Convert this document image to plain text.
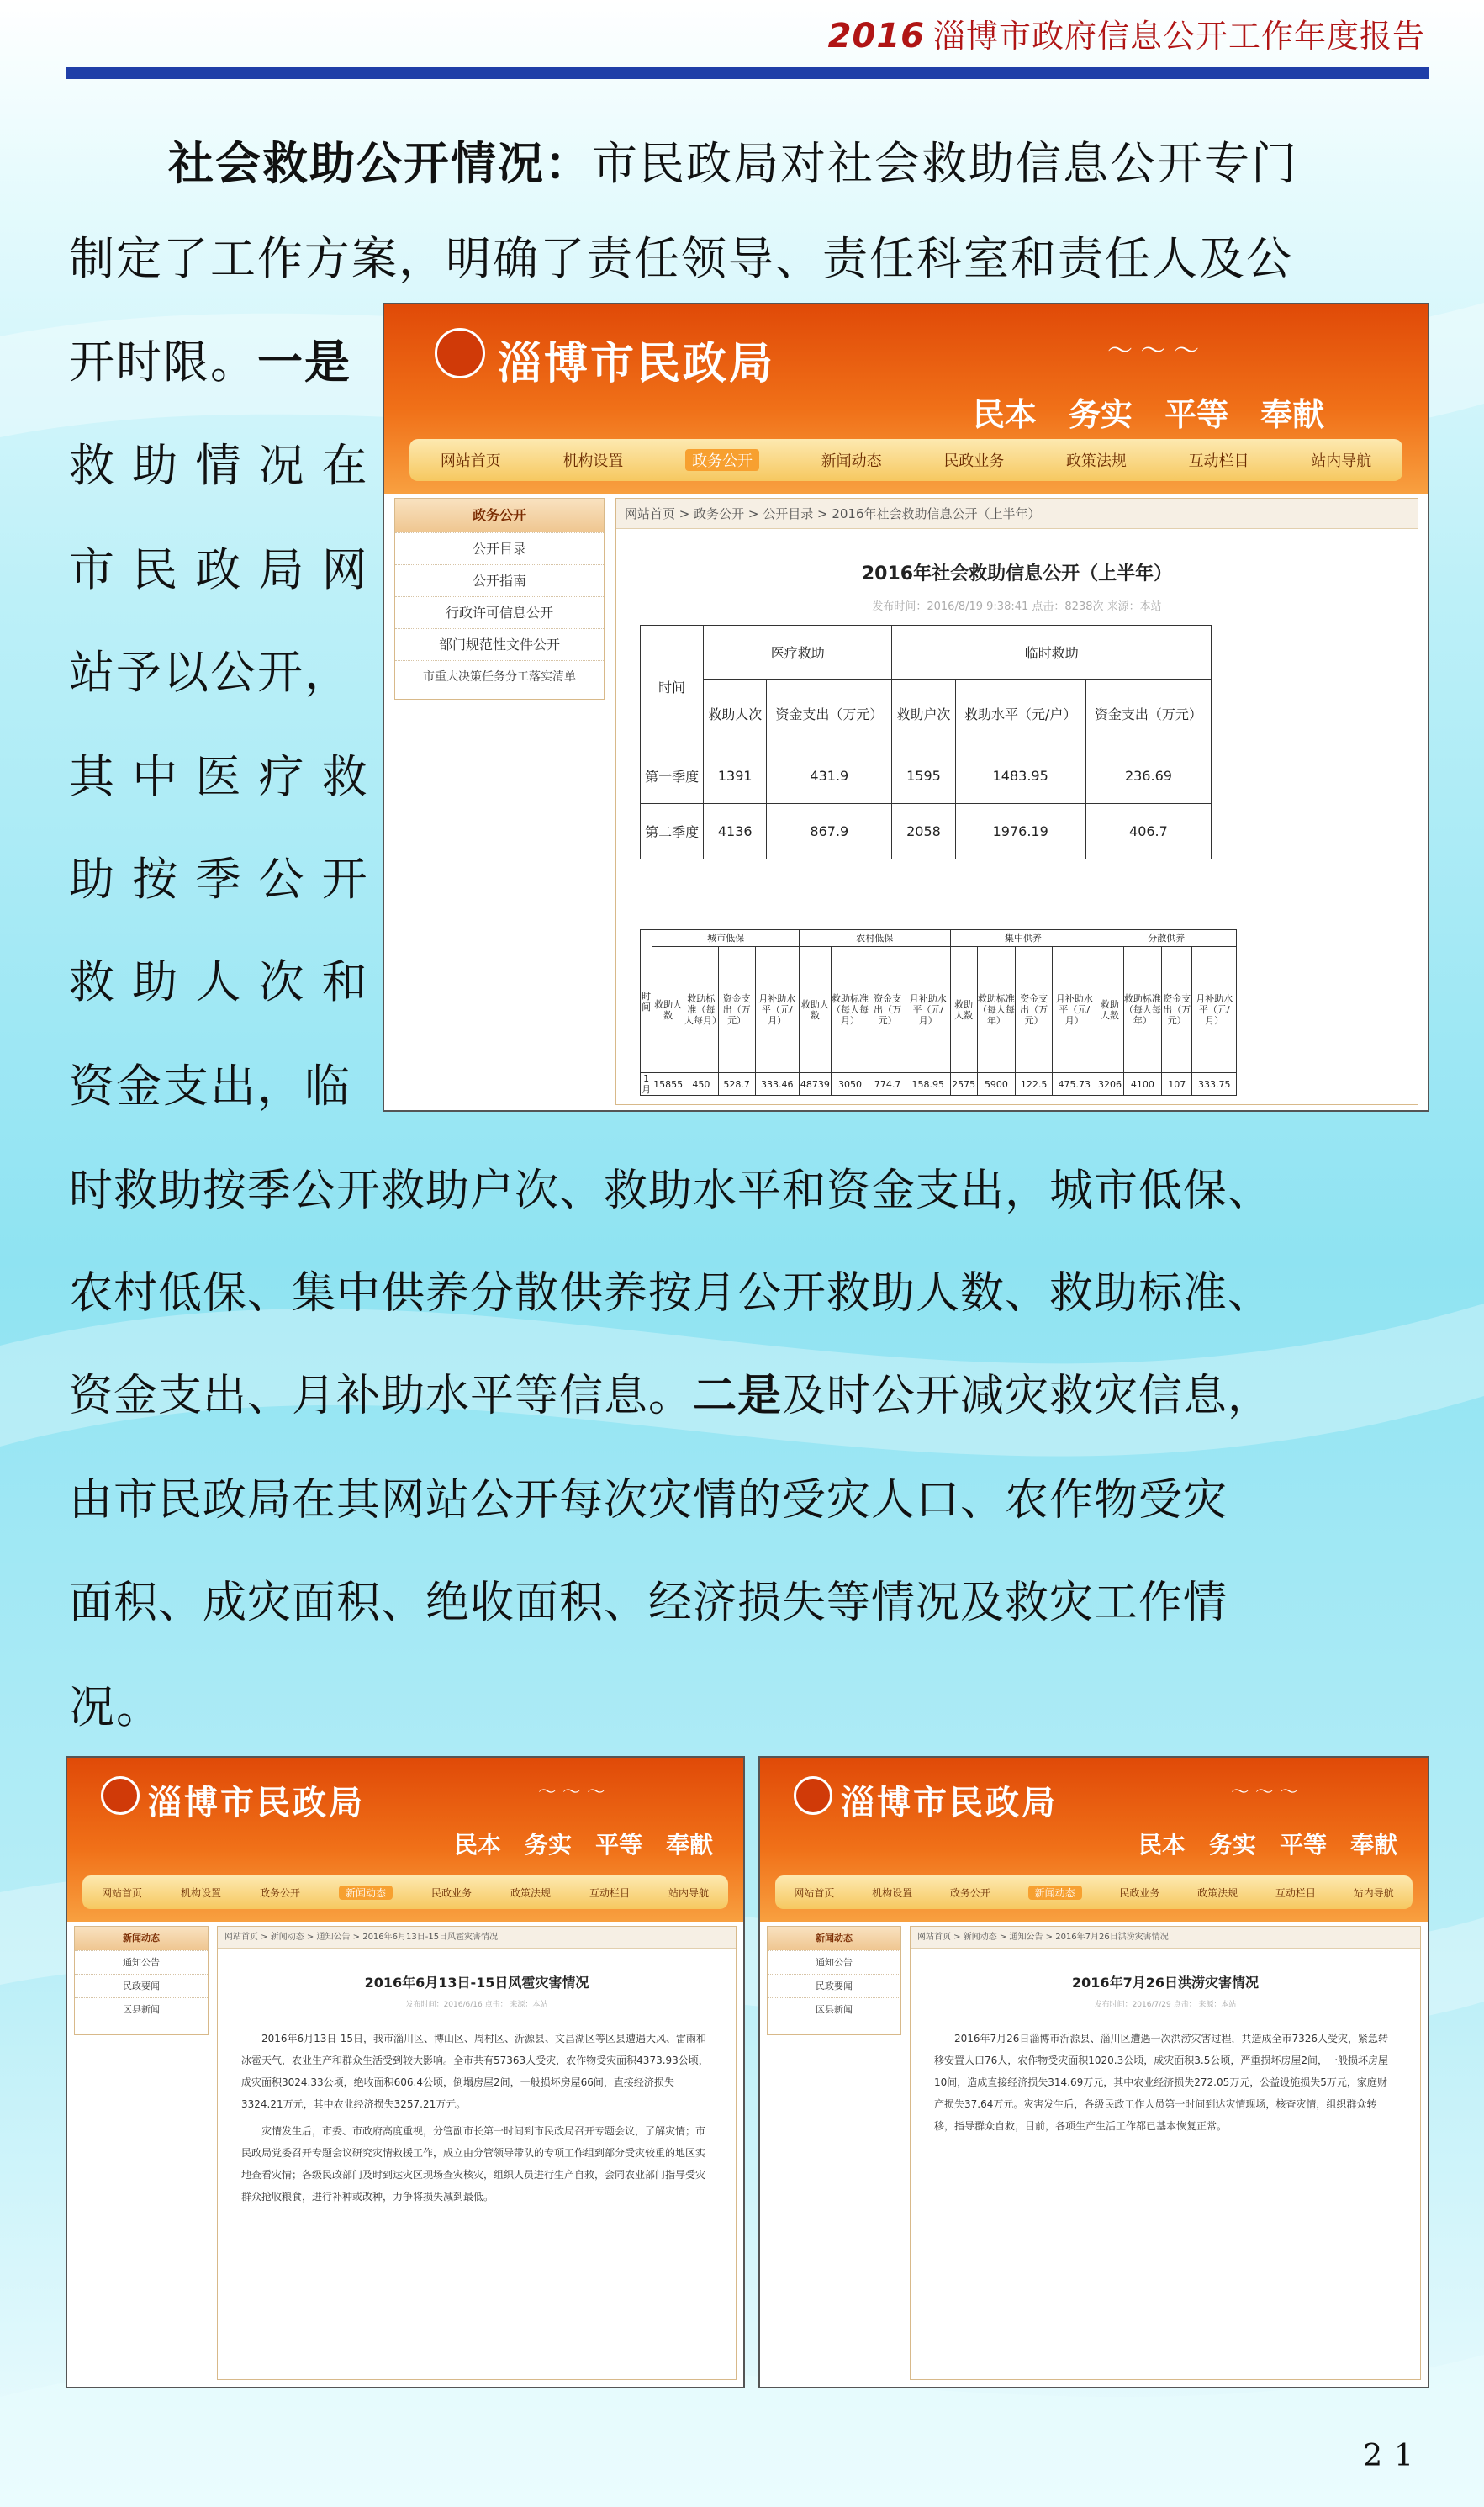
2016 淄博市政府信息公开工作年度报告
社会救助公开情况：市民政局对社会救助信息公开专门
制定了工作方案，明确了责任领导、责任科室和责任人及公
开时限。一是
救 助 情 况 在
市 民 政 局 网
站予以公开，
其 中 医 疗 救
助 按 季 公 开
救 助 人 次 和
资金支出，临
时救助按季公开救助户次、救助水平和资金支出，城市低保、
农村低保、集中供养分散供养按月公开救助人数、救助标准、
资金支出、月补助水平等信息。二是及时公开减灾救灾信息，
由市民政局在其网站公开每次灾情的受灾人口、农作物受灾
面积、成灾面积、绝收面积、经济损失等情况及救灾工作情
况。
淄博市民政局	〜 〜 〜
民本　 务实　 平等　 奉献
网站首页	机构设置	政务公开	新闻动态	民政业务	政策法规	互动栏目	站内导航
政务公开
公开目录
公开指南
行政许可信息公开
部门规范性文件公开
市重大决策任务分工落实清单
网站首页 > 政务公开 > 公开目录 > 2016年社会救助信息公开（上半年）
2016年社会救助信息公开（上半年）
发布时间：2016/8/19 9:38:41 点击：8238次 来源：本站
时间	医疗救助		临时救助		
	救助人次	资金支出（万元）	救助户次	救助水平（元/户）	资金支出（万元）
第一季度	1391	431.9	1595	1483.95	236.69
第二季度	4136	867.9	2058	1976.19	406.7
时间	城市低保				农村低保				集中供养				分散供养			
	救助人数	救助标准（每人每月）	资金支出（万元）	月补助水平（元/月）	救助人数	救助标准（每人每月）	资金支出（万元）	月补助水平（元/月）	救助人数	救助标准（每人每年）	资金支出（万元）	月补助水平（元/月）	救助人数	救助标准（每人每年）	资金支出（万元）	月补助水平（元/月）
1月	15855	450	528.7	333.46	48739	3050	774.7	158.95	2575	5900	122.5	475.73	3206	4100	107	333.75
淄博市民政局	〜 〜 〜
民本　 务实　 平等　 奉献
网站首页	机构设置	政务公开	新闻动态	民政业务	政策法规	互动栏目	站内导航
新闻动态
通知公告
民政要闻
区县新闻
网站首页 > 新闻动态 > 通知公告 > 2016年6月13日-15日风雹灾害情况
2016年6月13日-15日风雹灾害情况
发布时间：2016/6/16 点击： 来源：本站
2016年6月13日-15日，我市淄川区、博山区、周村区、沂源县、文昌湖区等区县遭遇大风、雷雨和冰雹天气，农业生产和群众生活受到较大影响。全市共有57363人受灾，农作物受灾面积4373.93公顷，成灾面积3024.33公顷，绝收面积606.4公顷，倒塌房屋2间，一般损坏房屋66间，直接经济损失3324.21万元，其中农业经济损失3257.21万元。
灾情发生后，市委、市政府高度重视，分管副市长第一时间到市民政局召开专题会议，了解灾情；市民政局党委召开专题会议研究灾情救援工作，成立由分管领导带队的专项工作组到部分受灾较重的地区实地查看灾情；各级民政部门及时到达灾区现场查灾核灾，组织人员进行生产自救，会同农业部门指导受灾群众抢收粮食，进行补种或改种，力争将损失减到最低。
淄博市民政局	〜 〜 〜
民本　 务实　 平等　 奉献
网站首页	机构设置	政务公开	新闻动态	民政业务	政策法规	互动栏目	站内导航
新闻动态
通知公告
民政要闻
区县新闻
网站首页 > 新闻动态 > 通知公告 > 2016年7月26日洪涝灾害情况
2016年7月26日洪涝灾害情况
发布时间：2016/7/29 点击： 来源：本站
2016年7月26日淄博市沂源县、淄川区遭遇一次洪涝灾害过程，共造成全市7326人受灾，紧急转移安置人口76人，农作物受灾面积1020.3公顷，成灾面积3.5公顷，严重损坏房屋2间，一般损坏房屋10间，造成直接经济损失314.69万元，其中农业经济损失272.05万元，公益设施损失5万元，家庭财产损失37.64万元。灾害发生后，各级民政工作人员第一时间到达灾情现场，核查灾情，组织群众转移，指导群众自救，目前，各项生产生活工作都已基本恢复正常。
21
